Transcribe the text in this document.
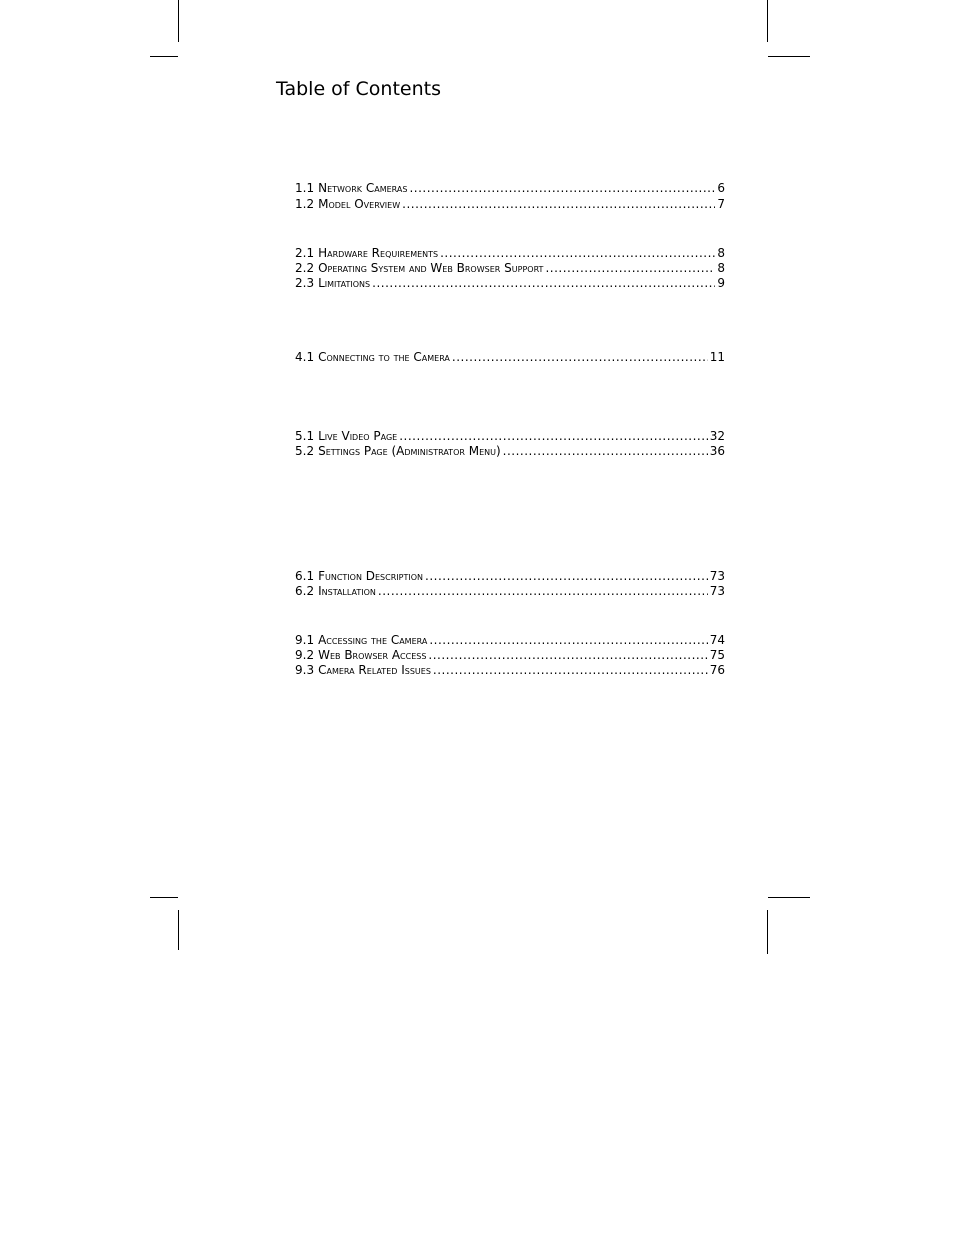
Table of Contents
1.1 Network Cameras .....	6
1.2 Model Overview .....	7
2.1 Hardware Requirements .....	8
2.2 Operating System and Web Browser Support .....	8
2.3 Limitations .....	9
4.1 Connecting to the Camera .....	11
5.1 Live Video Page .....	32
5.2 Settings Page (Administrator Menu) .....	36
6.1 Function Description .....	73
6.2 Installation .....	73
9.1 Accessing the Camera .....	74
9.2 Web Browser Access .....	75
9.3 Camera Related Issues .....	76
